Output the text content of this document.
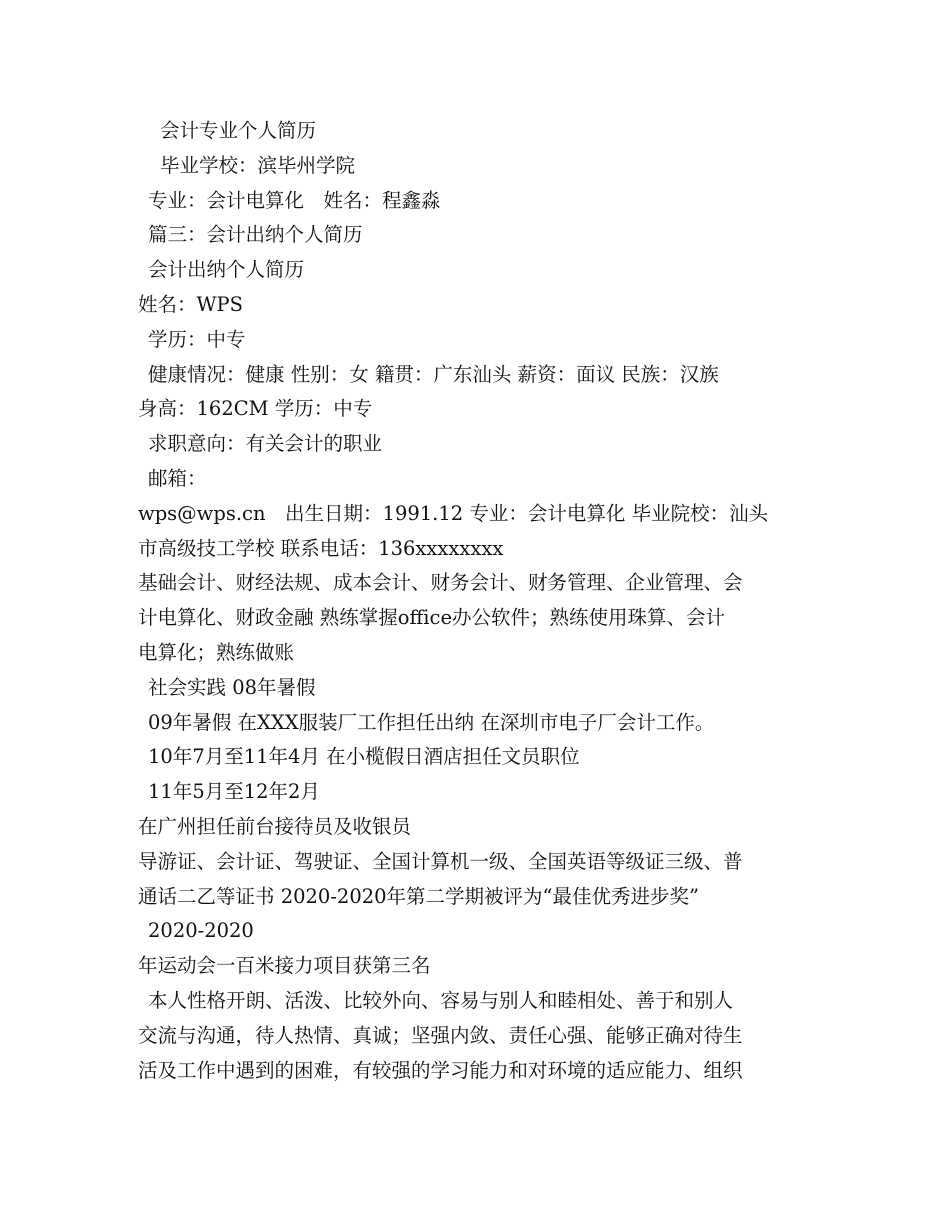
会计专业个人简历
毕业学校：滨毕州学院
专业：会计电算化　姓名：程鑫淼
篇三：会计出纳个人简历
会计出纳个人简历
姓名：WPS
学历：中专
健康情况：健康 性别：女 籍贯：广东汕头 薪资：面议 民族：汉族
身高：162CM 学历：中专
求职意向：有关会计的职业
邮箱：
wps@wps.cn　出生日期：1991.12 专业：会计电算化 毕业院校：汕头
市高级技工学校 联系电话：136xxxxxxxx
基础会计、财经法规、成本会计、财务会计、财务管理、企业管理、会
计电算化、财政金融 熟练掌握office办公软件；熟练使用珠算、会计
电算化；熟练做账
社会实践 08年暑假
09年暑假 在XXX服装厂工作担任出纳 在深圳市电子厂会计工作。
10年7月至11年4月 在小榄假日酒店担任文员职位
11年5月至12年2月
在广州担任前台接待员及收银员
导游证、会计证、驾驶证、全国计算机一级、全国英语等级证三级、普
通话二乙等证书 2020-2020年第二学期被评为“最佳优秀进步奖”
2020-2020
年运动会一百米接力项目获第三名
本人性格开朗、活泼、比较外向、容易与别人和睦相处、善于和别人
交流与沟通，待人热情、真诚；坚强内敛、责任心强、能够正确对待生
活及工作中遇到的困难，有较强的学习能力和对环境的适应能力、组织
